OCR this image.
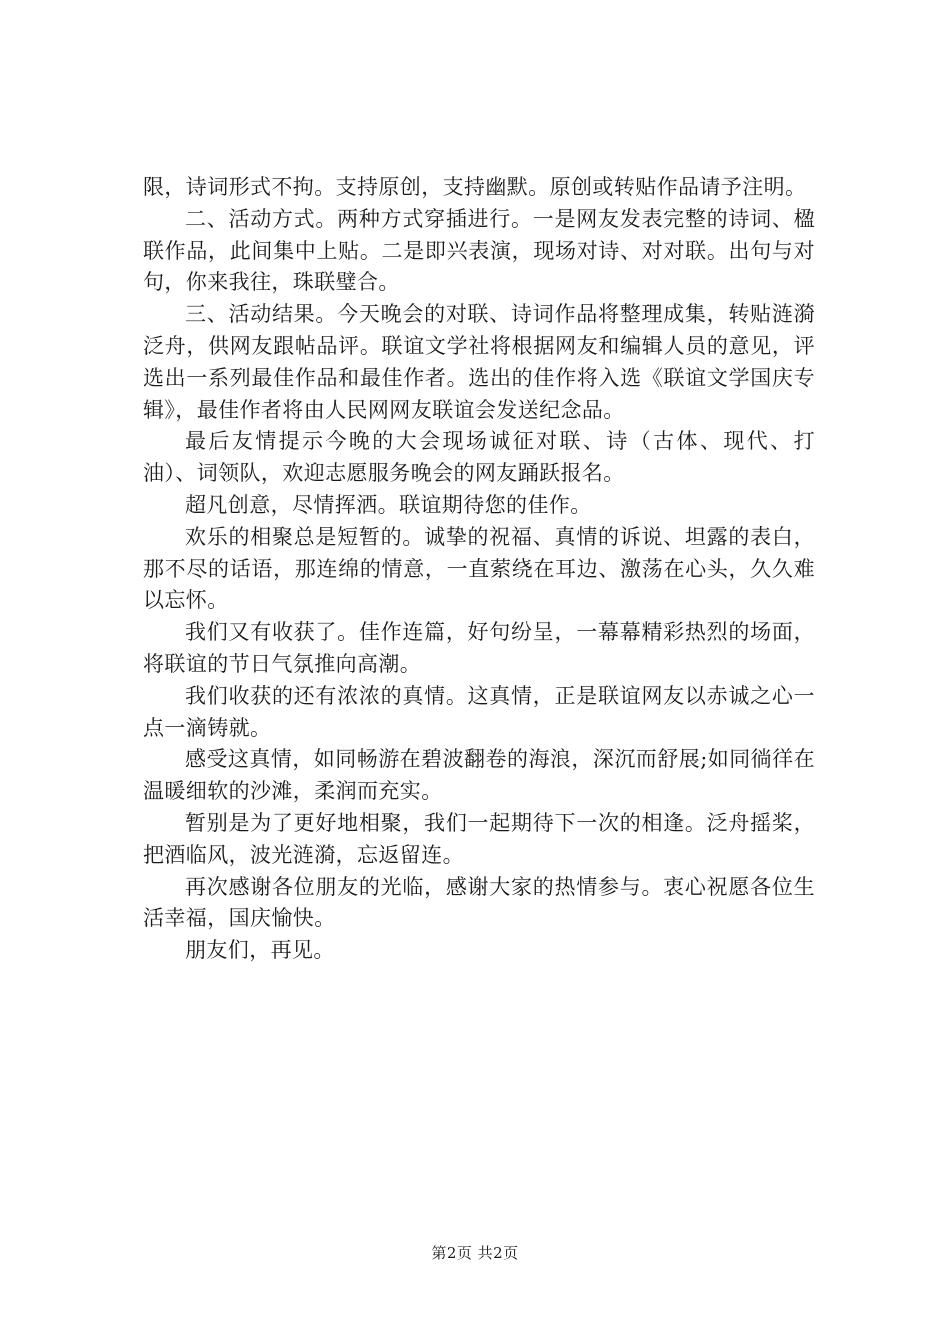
限，诗词形式不拘。支持原创，支持幽默。原创或转贴作品请予注明。

二、活动方式。两种方式穿插进行。一是网友发表完整的诗词、楹联作品，此间集中上贴。二是即兴表演，现场对诗、对对联。出句与对句，你来我往，珠联璧合。

三、活动结果。今天晚会的对联、诗词作品将整理成集，转贴涟漪泛舟，供网友跟帖品评。联谊文学社将根据网友和编辑人员的意见，评选出一系列最佳作品和最佳作者。选出的佳作将入选《联谊文学国庆专辑》，最佳作者将由人民网网友联谊会发送纪念品。

最后友情提示今晚的大会现场诚征对联、诗（古体、现代、打油）、词领队，欢迎志愿服务晚会的网友踊跃报名。

超凡创意，尽情挥洒。联谊期待您的佳作。

欢乐的相聚总是短暂的。诚挚的祝福、真情的诉说、坦露的表白，那不尽的话语，那连绵的情意，一直萦绕在耳边、激荡在心头，久久难以忘怀。

我们又有收获了。佳作连篇，好句纷呈，一幕幕精彩热烈的场面，将联谊的节日气氛推向高潮。

我们收获的还有浓浓的真情。这真情，正是联谊网友以赤诚之心一点一滴铸就。

感受这真情，如同畅游在碧波翻卷的海浪，深沉而舒展;如同徜徉在温暖细软的沙滩，柔润而充实。

暂别是为了更好地相聚，我们一起期待下一次的相逢。泛舟摇桨，把酒临风，波光涟漪，忘返留连。

再次感谢各位朋友的光临，感谢大家的热情参与。衷心祝愿各位生活幸福，国庆愉快。

朋友们，再见。

第2页 共2页
